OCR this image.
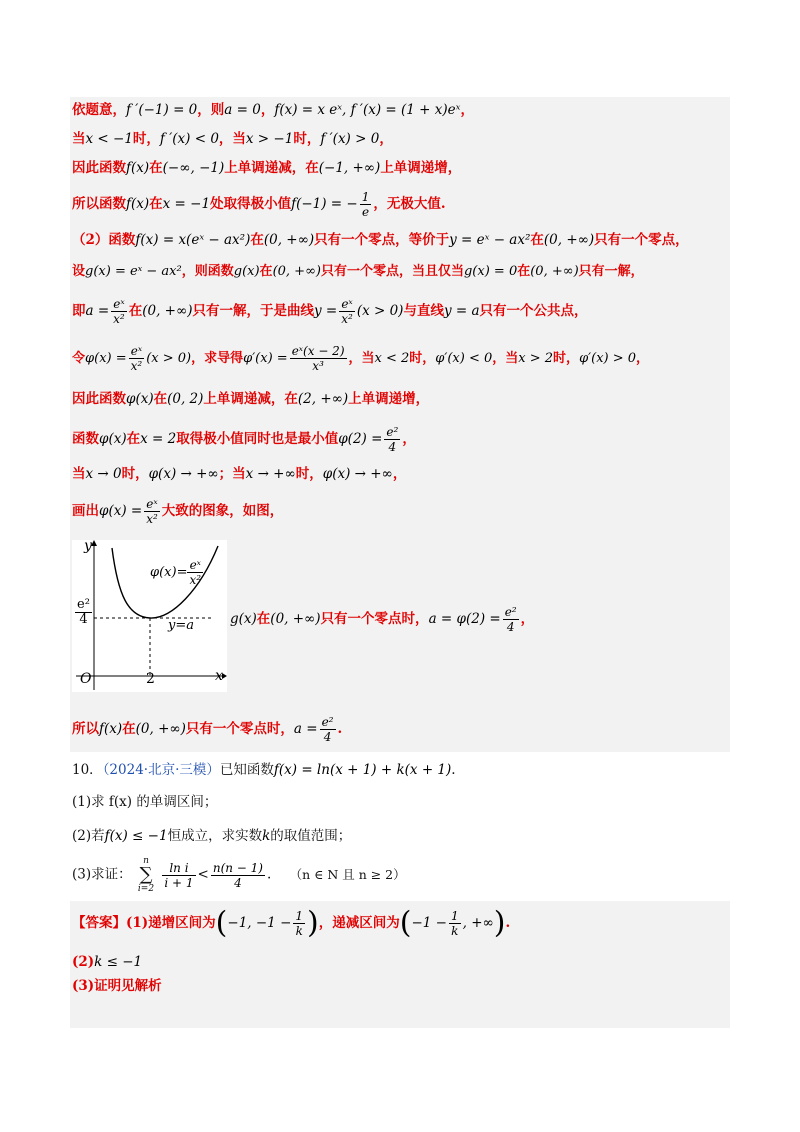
依题意，f ′(−1) = 0，则a = 0，f(x) = x eˣ, f ′(x) = (1 + x)eˣ，
当x < −1时，f ′(x) < 0，当x > −1时，f ′(x) > 0，
因此函数f(x)在(−∞, −1)上单调递减，在(−1, +∞)上单调递增，
所以函数f(x)在x = −1处取得极小值f(−1) = − $\frac{1}{e}$ ，无极大值.
（2）函数f(x) = x(eˣ − ax²)在(0, +∞)只有一个零点，等价于y = eˣ − ax²在(0, +∞)只有一个零点，
设g(x) = eˣ − ax²，则函数g(x)在(0, +∞)只有一个零点，当且仅当g(x) = 0在(0, +∞)只有一解，
即$a = \frac{\text{eˣ}}{\text{x²}}$ 在(0, +∞)只有一解，于是曲线$y = \frac{\text{eˣ}}{\text{x²}} (x > 0)$与直线y = a只有一个公共点，
令$\varphi(x) = \frac{\text{eˣ}}{\text{x²}} (x > 0)$，求导得$\varphi'(x) = \frac{\text{eˣ(x − 2)}}{\text{x³}}$ ，当x < 2时，φ′(x) < 0，当x > 2时，φ′(x) > 0，
因此函数φ(x)在(0, 2)上单调递减，在(2, +∞)上单调递增，
函数φ(x)在x = 2取得极小值同时也是最小值$\varphi(2) = \frac{\text{e²}}{4}$ ，
当x → 0时，φ(x) → +∞；当x → +∞时，φ(x) → +∞，
画出$\varphi(x) = \frac{\text{eˣ}}{\text{x²}}$ 大致的图象，如图，
y
x
O	2
$\frac{\text{e²}}{4}$
$\varphi(x)= \frac{\text{eˣ}}{\text{x²}}$
y=a	g(x)在(0, +∞)只有一个零点时，$a = \varphi(2) = \frac{\text{e²}}{4}$ ，
所以f(x)在(0, +∞)只有一个零点时，$a = \frac{\text{e²}}{4}$ .
10．（2024·北京·三模）已知函数f(x) = ln(x + 1) + k(x + 1).
(1)求 f(x) 的单调区间；
(2)若f(x) ≤ −1恒成立，求实数k的取值范围；
(3)求证：
n
∑
i=2
$\frac{\text{ln i}}{i + 1} < \frac{n(n - 1)}{4}$ . （n ∈ N 且 n ≥ 2）
【答案】(1)递增区间为(−1, $-1 - \frac{1}{k}$ )，递减区间为($-1 - \frac{1}{k}$ , +∞).
(2)k ≤ −1
(3)证明见解析
